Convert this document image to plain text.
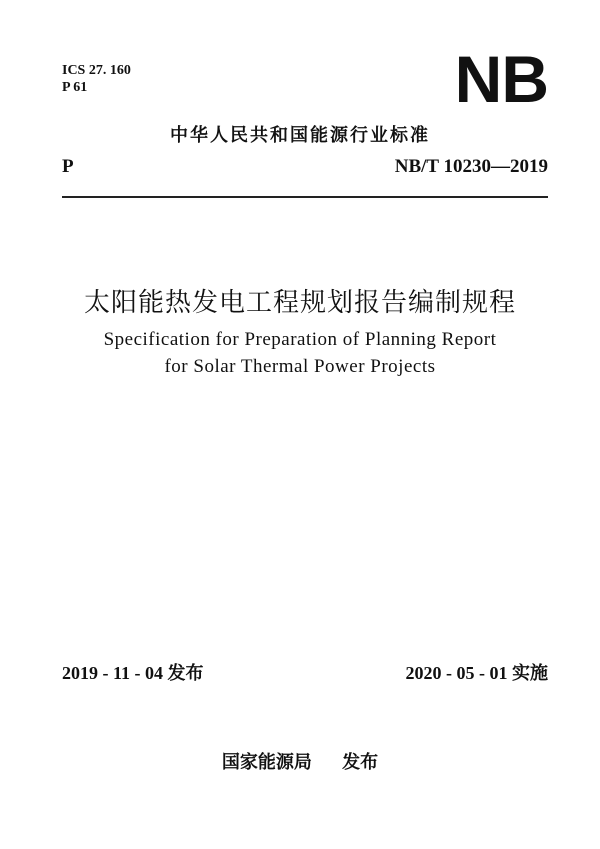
ICS 27. 160
P 61	NB
中华人民共和国能源行业标准
P	NB/T 10230—2019
太阳能热发电工程规划报告编制规程
Specification for Preparation of Planning Report
for Solar Thermal Power Projects
2019 - 11 - 04 发布	2020 - 05 - 01 实施
国家能源局 发布
